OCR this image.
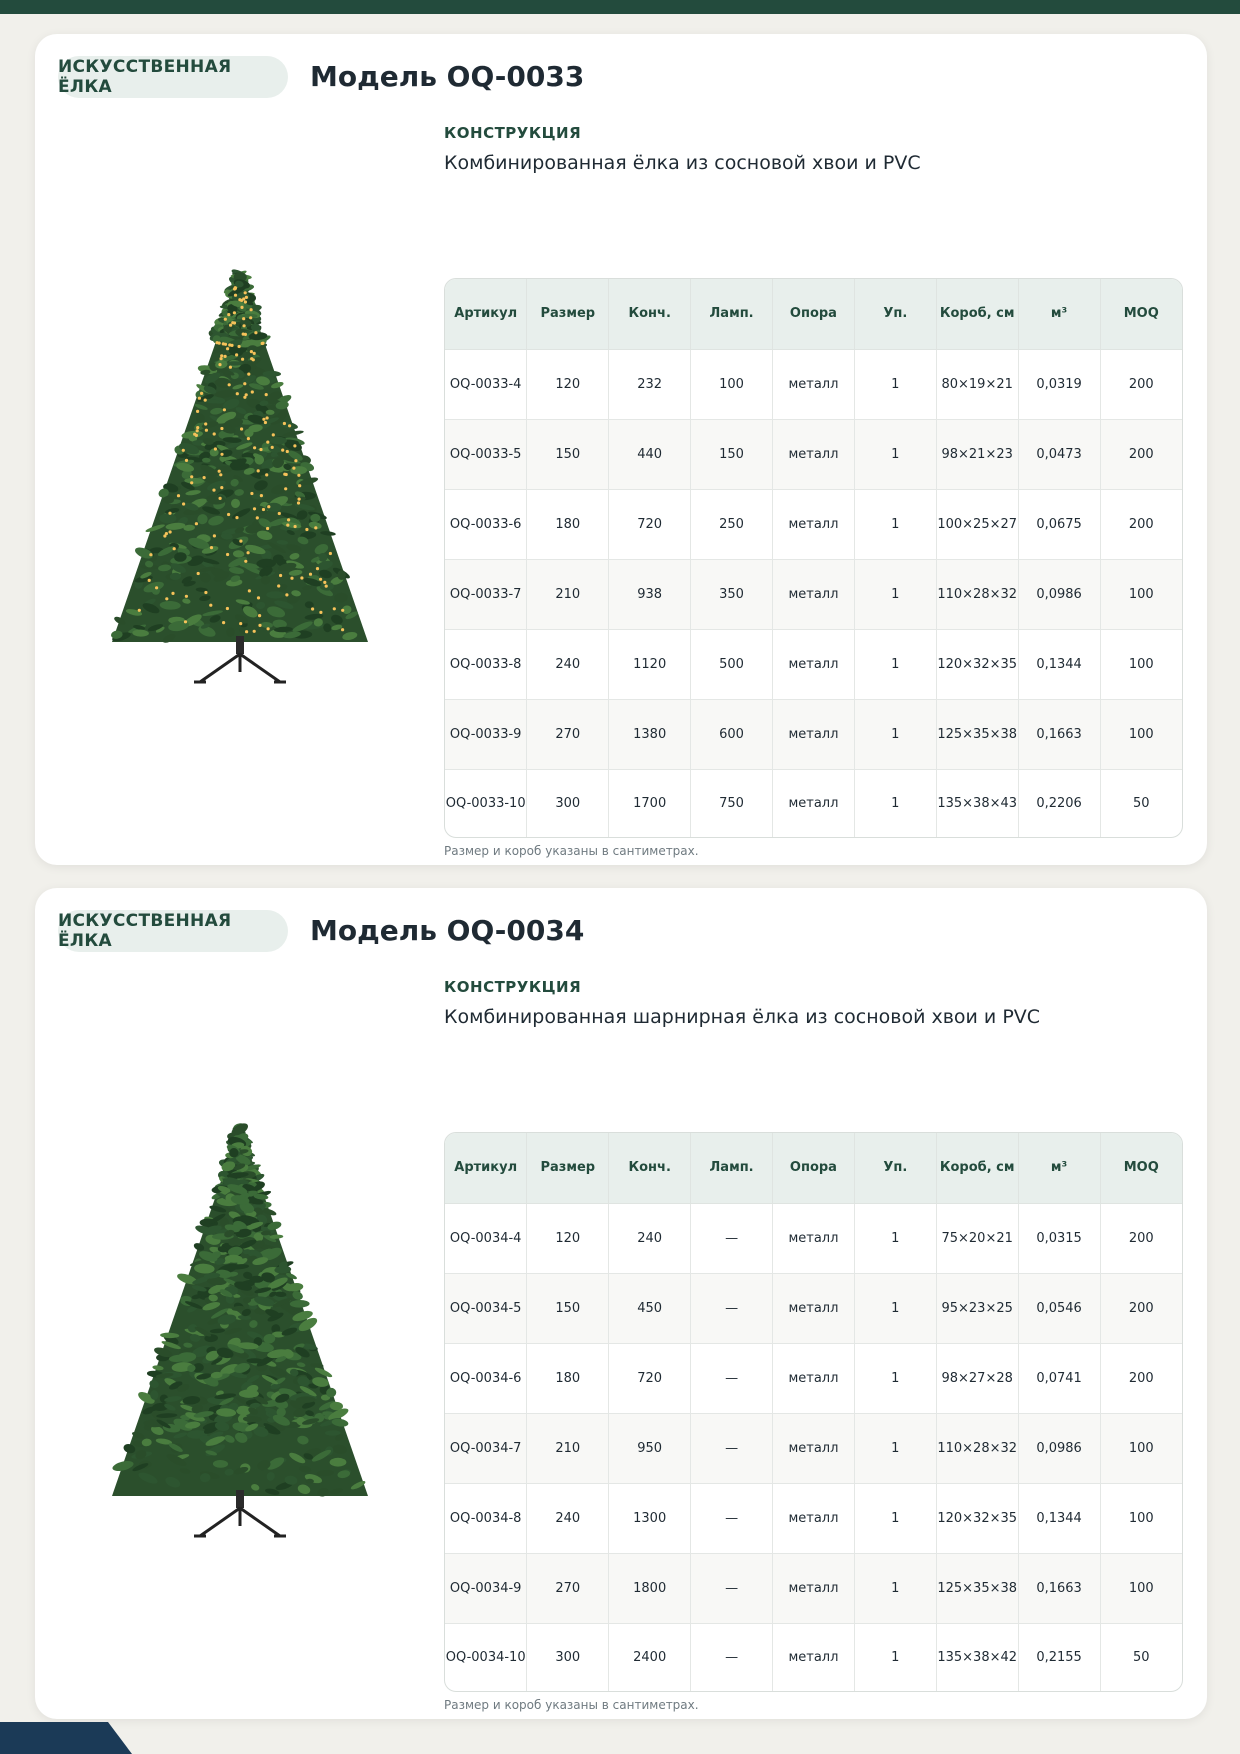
ИСКУССТВЕННАЯ ЁЛКА	Модель OQ-0033
КОНСТРУКЦИЯ
Комбинированная ёлка из сосновой хвои и PVC
Артикул	Размер	Конч.	Ламп.	Опора	Уп.	Короб, см	м³	MOQ
OQ-0033-4	120	232	100	металл	1	80×19×21	0,0319	200
OQ-0033-5	150	440	150	металл	1	98×21×23	0,0473	200
OQ-0033-6	180	720	250	металл	1	100×25×27	0,0675	200
OQ-0033-7	210	938	350	металл	1	110×28×32	0,0986	100
OQ-0033-8	240	1120	500	металл	1	120×32×35	0,1344	100
OQ-0033-9	270	1380	600	металл	1	125×35×38	0,1663	100
OQ-0033-10	300	1700	750	металл	1	135×38×43	0,2206	50
Размер и короб указаны в сантиметрах.
ИСКУССТВЕННАЯ ЁЛКА	Модель OQ-0034
КОНСТРУКЦИЯ
Комбинированная шарнирная ёлка из сосновой хвои и PVC
Артикул	Размер	Конч.	Ламп.	Опора	Уп.	Короб, см	м³	MOQ
OQ-0034-4	120	240	—	металл	1	75×20×21	0,0315	200
OQ-0034-5	150	450	—	металл	1	95×23×25	0,0546	200
OQ-0034-6	180	720	—	металл	1	98×27×28	0,0741	200
OQ-0034-7	210	950	—	металл	1	110×28×32	0,0986	100
OQ-0034-8	240	1300	—	металл	1	120×32×35	0,1344	100
OQ-0034-9	270	1800	—	металл	1	125×35×38	0,1663	100
OQ-0034-10	300	2400	—	металл	1	135×38×42	0,2155	50
Размер и короб указаны в сантиметрах.
